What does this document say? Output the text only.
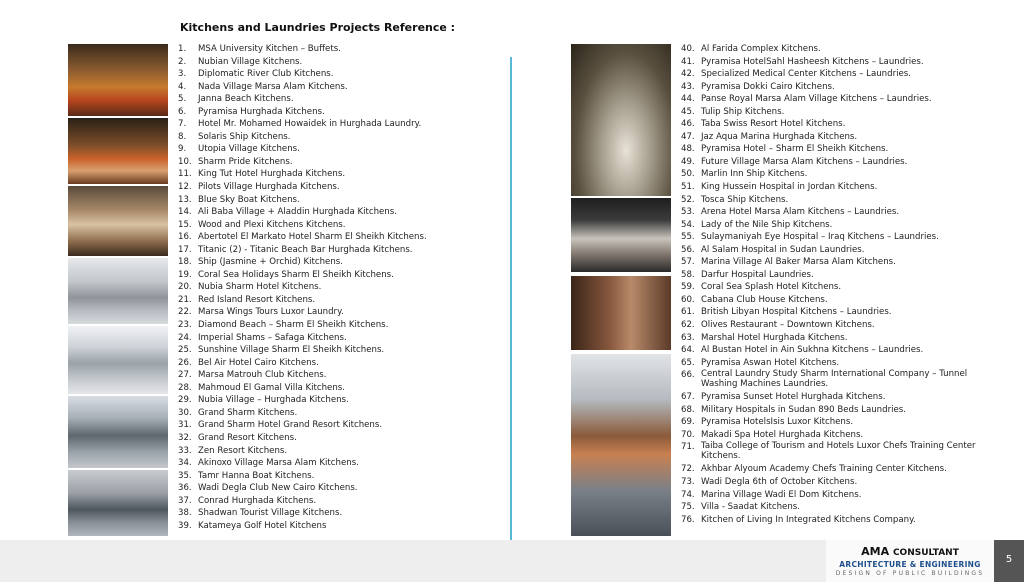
Kitchens and Laundries Projects Reference :
1.	MSA University Kitchen – Buffets.
2.	Nubian Village Kitchens.
3.	Diplomatic River Club Kitchens.
4.	Nada Village Marsa Alam Kitchens.
5.	Janna Beach Kitchens.
6.	Pyramisa Hurghada Kitchens.
7.	Hotel Mr. Mohamed Howaidek in Hurghada Laundry.
8.	Solaris Ship Kitchens.
9.	Utopia Village Kitchens.
10. Sharm Pride Kitchens.
11. King Tut Hotel Hurghada Kitchens.
12. Pilots Village Hurghada Kitchens.
13. Blue Sky Boat Kitchens.
14. Ali Baba Village + Aladdin Hurghada Kitchens.
15. Wood and Plexi Kitchens Kitchens.
16. Abertotel El Markato Hotel Sharm El Sheikh Kitchens.
17. Titanic (2) - Titanic Beach Bar Hurghada Kitchens.
18. Ship (Jasmine + Orchid) Kitchens.
19. Coral Sea Holidays Sharm El Sheikh Kitchens.
20. Nubia Sharm Hotel Kitchens.
21. Red Island Resort Kitchens.
22. Marsa Wings Tours Luxor Laundry.
23. Diamond Beach – Sharm El Sheikh Kitchens.
24. Imperial Shams – Safaga Kitchens.
25. Sunshine Village Sharm El Sheikh Kitchens.
26. Bel Air Hotel Cairo Kitchens.
27. Marsa Matrouh Club Kitchens.
28. Mahmoud El Gamal Villa Kitchens.
29. Nubia Village – Hurghada Kitchens.
30. Grand Sharm Kitchens.
31. Grand Sharm Hotel Grand Resort Kitchens.
32. Grand Resort Kitchens.
33. Zen Resort Kitchens.
34. Akinoxo Village Marsa Alam Kitchens.
35. Tamr Hanna Boat Kitchens.
36. Wadi Degla Club New Cairo Kitchens.
37. Conrad Hurghada Kitchens.
38. Shadwan Tourist Village Kitchens.
39. Katameya Golf Hotel Kitchens
40. Al Farida Complex Kitchens.
41. Pyramisa HotelSahl Hasheesh Kitchens – Laundries.
42. Specialized Medical Center Kitchens – Laundries.
43. Pyramisa Dokki Cairo Kitchens.
44. Panse Royal Marsa Alam Village Kitchens – Laundries.
45. Tulip Ship Kitchens.
46. Taba Swiss Resort Hotel Kitchens.
47. Jaz Aqua Marina Hurghada Kitchens.
48. Pyramisa Hotel – Sharm El Sheikh Kitchens.
49. Future Village Marsa Alam Kitchens – Laundries.
50. Marlin Inn Ship Kitchens.
51. King Hussein Hospital in Jordan Kitchens.
52. Tosca Ship Kitchens.
53. Arena Hotel Marsa Alam Kitchens – Laundries.
54. Lady of the Nile Ship Kitchens.
55. Sulaymaniyah Eye Hospital – Iraq Kitchens – Laundries.
56. Al Salam Hospital in Sudan Laundries.
57. Marina Village Al Baker Marsa Alam Kitchens.
58. Darfur Hospital Laundries.
59. Coral Sea Splash Hotel Kitchens.
60. Cabana Club House Kitchens.
61. British Libyan Hospital Kitchens – Laundries.
62. Olives Restaurant – Downtown Kitchens.
63. Marshal Hotel Hurghada Kitchens.
64. Al Bustan Hotel in Ain Sukhna Kitchens – Laundries.
65. Pyramisa Aswan Hotel Kitchens.
66. Central Laundry Study Sharm International Company – Tunnel Washing Machines Laundries.
67. Pyramisa Sunset Hotel Hurghada Kitchens.
68. Military Hospitals in Sudan 890 Beds Laundries.
69. Pyramisa HotelsIsis Luxor Kitchens.
70. Makadi Spa Hotel Hurghada Kitchens.
71. Taiba College of Tourism and Hotels Luxor Chefs Training Center Kitchens.
72. Akhbar Alyoum Academy Chefs Training Center Kitchens.
73. Wadi Degla 6th of October Kitchens.
74. Marina Village Wadi El Dom Kitchens.
75. Villa - Saadat Kitchens.
76. Kitchen of Living In Integrated Kitchens Company.
AMA CONSULTANT
ARCHITECTURE & ENGINEERING
DESIGN OF PUBLIC BUILDINGS
5
